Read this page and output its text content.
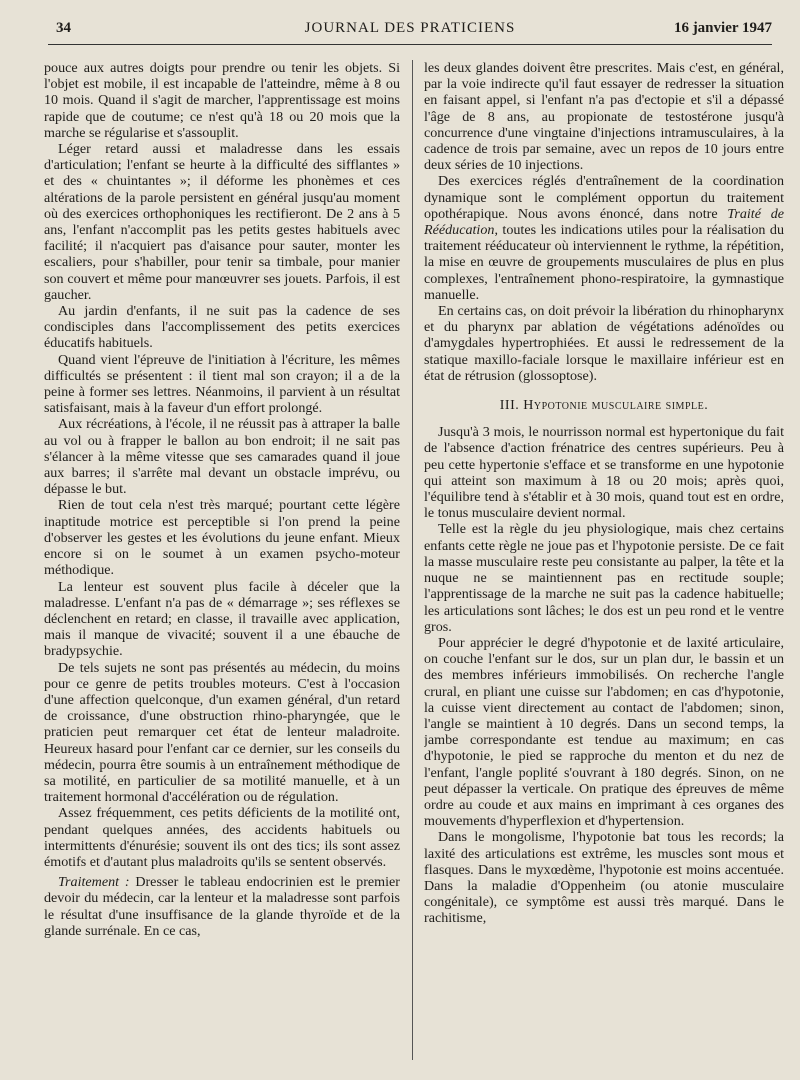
34	JOURNAL DES PRATICIENS	16 janvier 1947

pouce aux autres doigts pour prendre ou tenir les objets. Si l'objet est mobile, il est incapable de l'atteindre, même à 8 ou 10 mois. Quand il s'agit de marcher, l'apprentissage est moins rapide que de coutume; ce n'est qu'à 18 ou 20 mois que la marche se régularise et s'assouplit.

Léger retard aussi et maladresse dans les essais d'articulation; l'enfant se heurte à la difficulté des sifflantes » et des « chuintantes »; il déforme les phonèmes et ces altérations de la parole persistent en général jusqu'au moment où des exercices orthophoniques les rectifieront. De 2 ans à 5 ans, l'enfant n'accomplit pas les petits gestes habituels avec facilité; il n'acquiert pas d'aisance pour sauter, monter les escaliers, pour s'habiller, pour tenir sa timbale, pour manier son couvert et même pour manœuvrer ses jouets. Parfois, il est gaucher.

Au jardin d'enfants, il ne suit pas la cadence de ses condisciples dans l'accomplissement des petits exercices éducatifs habituels.

Quand vient l'épreuve de l'initiation à l'écriture, les mêmes difficultés se présentent : il tient mal son crayon; il a de la peine à former ses lettres. Néanmoins, il parvient à un résultat satisfaisant, mais à la faveur d'un effort prolongé.

Aux récréations, à l'école, il ne réussit pas à attraper la balle au vol ou à frapper le ballon au bon endroit; il ne sait pas s'élancer à la même vitesse que ses camarades quand il joue aux barres; il s'arrête mal devant un obstacle imprévu, ou dépasse le but.

Rien de tout cela n'est très marqué; pourtant cette légère inaptitude motrice est perceptible si l'on prend la peine d'observer les gestes et les évolutions du jeune enfant. Mieux encore si on le soumet à un examen psycho-moteur méthodique.

La lenteur est souvent plus facile à déceler que la maladresse. L'enfant n'a pas de « démarrage »; ses réflexes se déclenchent en retard; en classe, il travaille avec application, mais il manque de vivacité; souvent il a une ébauche de bradypsychie.

De tels sujets ne sont pas présentés au médecin, du moins pour ce genre de petits troubles moteurs. C'est à l'occasion d'une affection quelconque, d'un examen général, d'un retard de croissance, d'une obstruction rhino-pharyngée, que le praticien peut remarquer cet état de lenteur maladroite. Heureux hasard pour l'enfant car ce dernier, sur les conseils du médecin, pourra être soumis à un entraînement méthodique de sa motilité, en particulier de sa motilité manuelle, et à un traitement hormonal d'accélération ou de régulation.

Assez fréquemment, ces petits déficients de la motilité ont, pendant quelques années, des accidents habituels ou intermittents d'énurésie; souvent ils ont des tics; ils sont assez émotifs et d'autant plus maladroits qu'ils se sentent observés.

Traitement : Dresser le tableau endocrinien est le premier devoir du médecin, car la lenteur et la maladresse sont parfois le résultat d'une insuffisance de la glande thyroïde et de la glande surrénale. En ce cas,

les deux glandes doivent être prescrites. Mais c'est, en général, par la voie indirecte qu'il faut essayer de redresser la situation en faisant appel, si l'enfant n'a pas d'ectopie et s'il a dépassé l'âge de 8 ans, au propionate de testostérone jusqu'à concurrence d'une vingtaine d'injections intramusculaires, à la cadence de trois par semaine, avec un repos de 10 jours entre deux séries de 10 injections.

Des exercices réglés d'entraînement de la coordination dynamique sont le complément opportun du traitement opothérapique. Nous avons énoncé, dans notre Traité de Rééducation, toutes les indications utiles pour la réalisation du traitement rééducateur où interviennent le rythme, la répétition, la mise en œuvre de groupements musculaires de plus en plus complexes, l'entraînement phono-respiratoire, la gymnastique manuelle.

En certains cas, on doit prévoir la libération du rhinopharynx et du pharynx par ablation de végétations adénoïdes ou d'amygdales hypertrophiées. Et aussi le redressement de la statique maxillo-faciale lorsque le maxillaire inférieur est en état de rétrusion (glossoptose).

III. Hypotonie musculaire simple.

Jusqu'à 3 mois, le nourrisson normal est hypertonique du fait de l'absence d'action frénatrice des centres supérieurs. Peu à peu cette hypertonie s'efface et se transforme en une hypotonie qui atteint son maximum à 18 ou 20 mois; après quoi, l'équilibre tend à s'établir et à 30 mois, quand tout est en ordre, le tonus musculaire devient normal.

Telle est la règle du jeu physiologique, mais chez certains enfants cette règle ne joue pas et l'hypotonie persiste. De ce fait la masse musculaire reste peu consistante au palper, la tête et la nuque ne se maintiennent pas en rectitude souple; l'apprentissage de la marche ne suit pas la cadence habituelle; les articulations sont lâches; le dos est un peu rond et le ventre gros.

Pour apprécier le degré d'hypotonie et de laxité articulaire, on couche l'enfant sur le dos, sur un plan dur, le bassin et un des membres inférieurs immobilisés. On recherche l'angle crural, en pliant une cuisse sur l'abdomen; en cas d'hypotonie, la cuisse vient directement au contact de l'abdomen; sinon, l'angle se maintient à 10 degrés. Dans un second temps, la jambe correspondante est tendue au maximum; en cas d'hypotonie, le pied se rapproche du menton et du nez de l'enfant, l'angle poplité s'ouvrant à 180 degrés. Sinon, on ne peut dépasser la verticale. On pratique des épreuves de même ordre au coude et aux mains en imprimant à ces organes des mouvements d'hyperflexion et d'hypertension.

Dans le mongolisme, l'hypotonie bat tous les records; la laxité des articulations est extrême, les muscles sont mous et flasques. Dans le myxœdème, l'hypotonie est moins accentuée. Dans la maladie d'Oppenheim (ou atonie musculaire congénitale), ce symptôme est aussi très marqué. Dans le rachitisme,
